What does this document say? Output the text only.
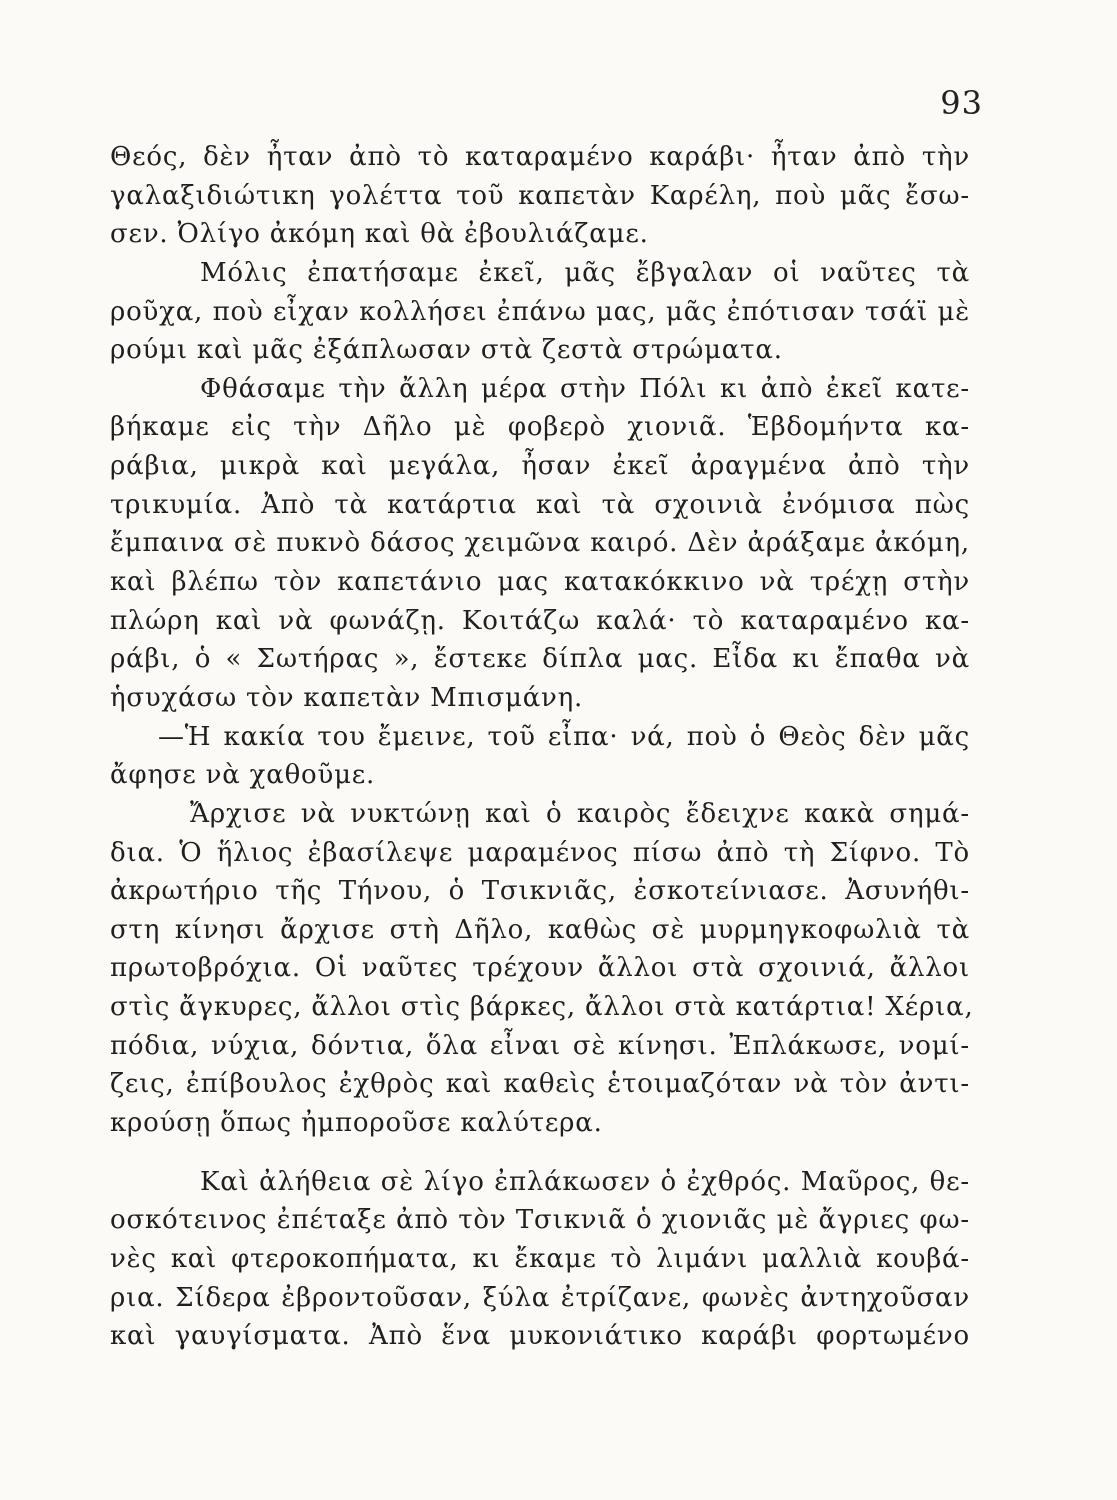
93
Θεός, δὲν ἦταν ἀπὸ τὸ καταραμένο καράβι· ἦταν ἀπὸ τὴν
γαλαξιδιώτικη γολέττα τοῦ καπετὰν Καρέλη, ποὺ μᾶς ἔσω-
σεν. Ὀλίγο ἀκόμη καὶ θὰ ἐβουλιάζαμε.
Μόλις ἐπατήσαμε ἐκεῖ, μᾶς ἔβγαλαν οἱ ναῦτες τὰ
ροῦχα, ποὺ εἶχαν κολλήσει ἐπάνω μας, μᾶς ἐπότισαν τσάϊ μὲ
ρούμι καὶ μᾶς ἐξάπλωσαν στὰ ζεστὰ στρώματα.
Φθάσαμε τὴν ἄλλη μέρα στὴν Πόλι κι ἀπὸ ἐκεῖ κατε-
βήκαμε εἰς τὴν Δῆλο μὲ φοβερὸ χιονιᾶ. Ἑβδομήντα κα-
ράβια, μικρὰ καὶ μεγάλα, ἦσαν ἐκεῖ ἀραγμένα ἀπὸ τὴν
τρικυμία. Ἀπὸ τὰ κατάρτια καὶ τὰ σχοινιὰ ἐνόμισα πὼς
ἔμπαινα σὲ πυκνὸ δάσος χειμῶνα καιρό. Δὲν ἀράξαμε ἀκόμη,
καὶ βλέπω τὸν καπετάνιο μας κατακόκκινο νὰ τρέχῃ στὴν
πλώρη καὶ νὰ φωνάζῃ. Κοιτάζω καλά· τὸ καταραμένο κα-
ράβι, ὁ « Σωτήρας », ἔστεκε δίπλα μας. Εἶδα κι ἔπαθα νὰ
ἡσυχάσω τὸν καπετὰν Μπισμάνη.
—Ἡ κακία του ἔμεινε, τοῦ εἶπα· νά, ποὺ ὁ Θεὸς δὲν μᾶς
ἄφησε νὰ χαθοῦμε.
Ἄρχισε νὰ νυκτώνῃ καὶ ὁ καιρὸς ἔδειχνε κακὰ σημά-
δια. Ὁ ἥλιος ἐβασίλεψε μαραμένος πίσω ἀπὸ τὴ Σίφνο. Τὸ
ἀκρωτήριο τῆς Τήνου, ὁ Τσικνιᾶς, ἐσκοτείνιασε. Ἀσυνήθι-
στη κίνησι ἄρχισε στὴ Δῆλο, καθὼς σὲ μυρμηγκοφωλιὰ τὰ
πρωτοβρόχια. Οἱ ναῦτες τρέχουν ἄλλοι στὰ σχοινιά, ἄλλοι
στὶς ἄγκυρες, ἄλλοι στὶς βάρκες, ἄλλοι στὰ κατάρτια! Χέρια,
πόδια, νύχια, δόντια, ὅλα εἶναι σὲ κίνησι. Ἐπλάκωσε, νομί-
ζεις, ἐπίβουλος ἐχθρὸς καὶ καθεὶς ἑτοιμαζόταν νὰ τὸν ἀντι-
κρούσῃ ὅπως ἠμποροῦσε καλύτερα.
Καὶ ἀλήθεια σὲ λίγο ἐπλάκωσεν ὁ ἐχθρός. Μαῦρος, θε-
οσκότεινος ἐπέταξε ἀπὸ τὸν Τσικνιᾶ ὁ χιονιᾶς μὲ ἄγριες φω-
νὲς καὶ φτεροκοπήματα, κι ἔκαμε τὸ λιμάνι μαλλιὰ κουβά-
ρια. Σίδερα ἐβροντοῦσαν, ξύλα ἐτρίζανε, φωνὲς ἀντηχοῦσαν
καὶ γαυγίσματα. Ἀπὸ ἕνα μυκονιάτικο καράβι φορτωμένο
